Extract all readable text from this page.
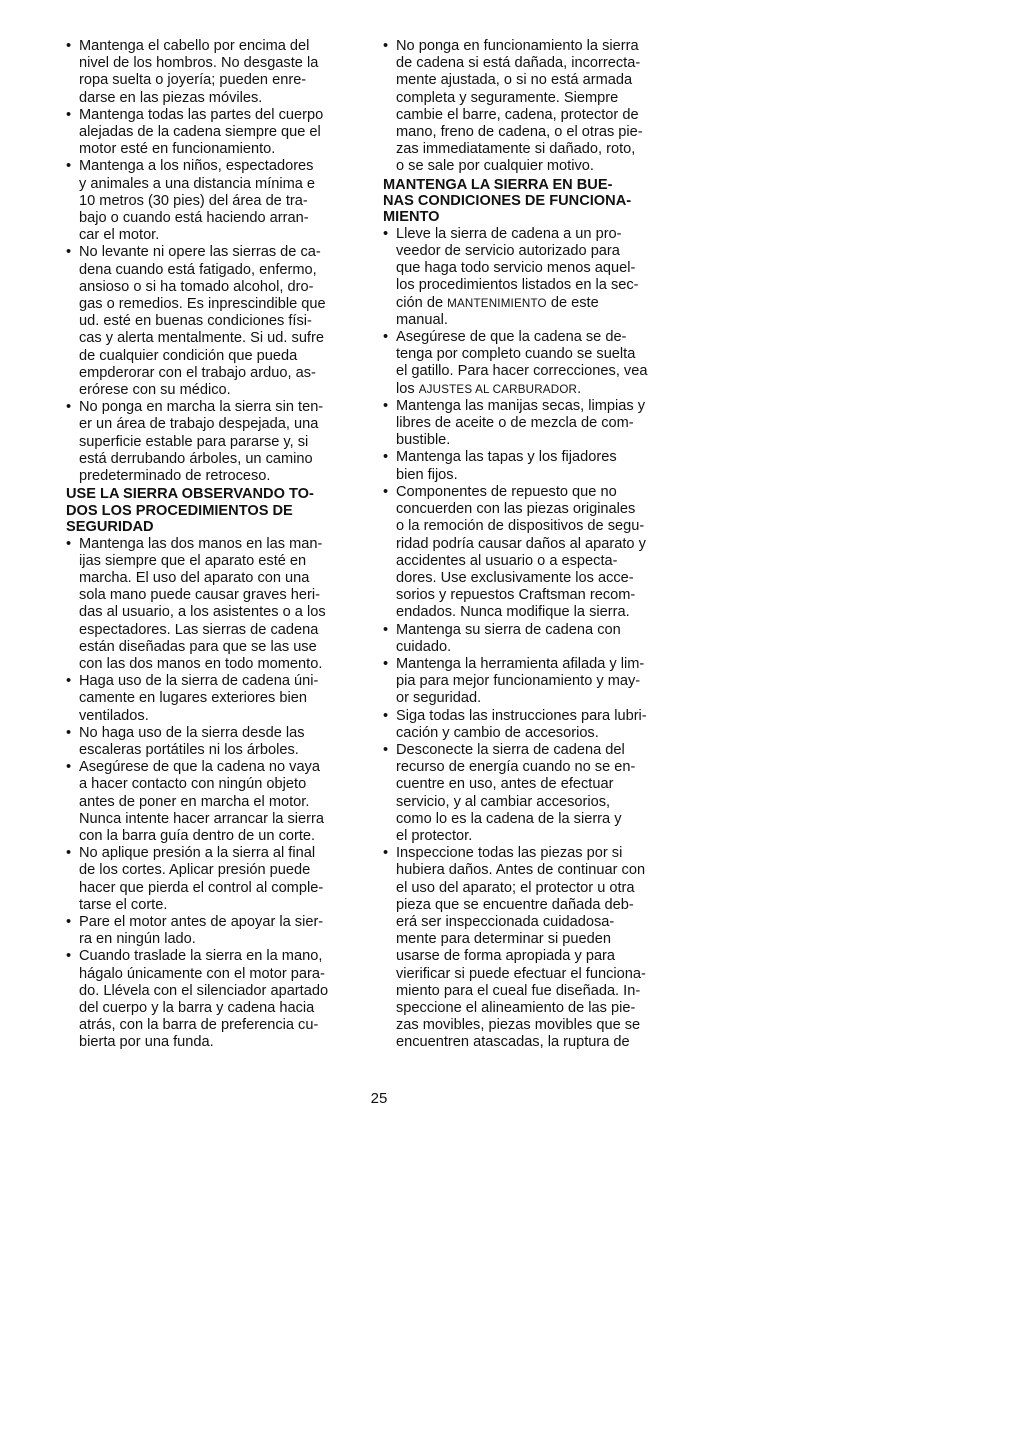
• Mantenga el cabello por encima del
nivel de los hombros. No desgaste la
ropa suelta o joyería; pueden enre-
darse en las piezas móviles.
• Mantenga todas las partes del cuerpo
alejadas de la cadena siempre que el
motor esté en funcionamiento.
• Mantenga a los niños, espectadores
y animales a una distancia mínima e
10 metros (30 pies) del área de tra-
bajo o cuando está haciendo arran-
car el motor.
• No levante ni opere las sierras de ca-
dena cuando está fatigado, enfermo,
ansioso o si ha tomado alcohol, dro-
gas o remedios. Es inprescindible que
ud. esté en buenas condiciones físi-
cas y alerta mentalmente. Si ud. sufre
de cualquier condición que pueda
empderorar con el trabajo arduo, as-
erórese con su médico.
• No ponga en marcha la sierra sin ten-
er un área de trabajo despejada, una
superficie estable para pararse y, si
está derrubando árboles, un camino
predeterminado de retroceso.
USE LA SIERRA OBSERVANDO TO-
DOS LOS PROCEDIMIENTOS DE
SEGURIDAD
• Mantenga las dos manos en las man-
ijas siempre que el aparato esté en
marcha. El uso del aparato con una
sola mano puede causar graves heri-
das al usuario, a los asistentes o a los
espectadores. Las sierras de cadena
están diseñadas para que se las use
con las dos manos en todo momento.
• Haga uso de la sierra de cadena úni-
camente en lugares exteriores bien
ventilados.
• No haga uso de la sierra desde las
escaleras portátiles ni los árboles.
• Asegúrese de que la cadena no vaya
a hacer contacto con ningún objeto
antes de poner en marcha el motor.
Nunca intente hacer arrancar la sierra
con la barra guía dentro de un corte.
• No aplique presión a la sierra al final
de los cortes. Aplicar presión puede
hacer que pierda el control al comple-
tarse el corte.
• Pare el motor antes de apoyar la sier-
ra en ningún lado.
• Cuando traslade la sierra en la mano,
hágalo únicamente con el motor para-
do. Llévela con el silenciador apartado
del cuerpo y la barra y cadena hacia
atrás, con la barra de preferencia cu-
bierta por una funda.
• No ponga en funcionamiento la sierra
de cadena si está dañada, incorrecta-
mente ajustada, o si no está armada
completa y seguramente. Siempre
cambie el barre, cadena, protector de
mano, freno de cadena, o el otras pie-
zas immediatamente si dañado, roto,
o se sale por cualquier motivo.
MANTENGA LA SIERRA EN BUE-
NAS CONDICIONES DE FUNCIONA-
MIENTO
• Lleve la sierra de cadena a un pro-
veedor de servicio autorizado para
que haga todo servicio menos aquel-
los procedimientos listados en la sec-
ción de MANTENIMIENTO de este
manual.
• Asegúrese de que la cadena se de-
tenga por completo cuando se suelta
el gatillo. Para hacer correcciones, vea
los AJUSTES AL CARBURADOR.
• Mantenga las manijas secas, limpias y
libres de aceite o de mezcla de com-
bustible.
• Mantenga las tapas y los fijadores
bien fijos.
• Componentes de repuesto que no
concuerden con las piezas originales
o la remoción de dispositivos de segu-
ridad podría causar daños al aparato y
accidentes al usuario o a especta-
dores. Use exclusivamente los acce-
sorios y repuestos Craftsman recom-
endados. Nunca modifique la sierra.
• Mantenga su sierra de cadena con
cuidado.
• Mantenga la herramienta afilada y lim-
pia para mejor funcionamiento y may-
or seguridad.
• Siga todas las instrucciones para lubri-
cación y cambio de accesorios.
• Desconecte la sierra de cadena del
recurso de energía cuando no se en-
cuentre en uso, antes de efectuar
servicio, y al cambiar accesorios,
como lo es la cadena de la sierra y
el protector.
• Inspeccione todas las piezas por si
hubiera daños. Antes de continuar con
el uso del aparato; el protector u otra
pieza que se encuentre dañada deb-
erá ser inspeccionada cuidadosa-
mente para determinar si pueden
usarse de forma apropiada y para
vierificar si puede efectuar el funciona-
miento para el cueal fue diseñada. In-
speccione el alineamiento de las pie-
zas movibles, piezas movibles que se
encuentren atascadas, la ruptura de
25
